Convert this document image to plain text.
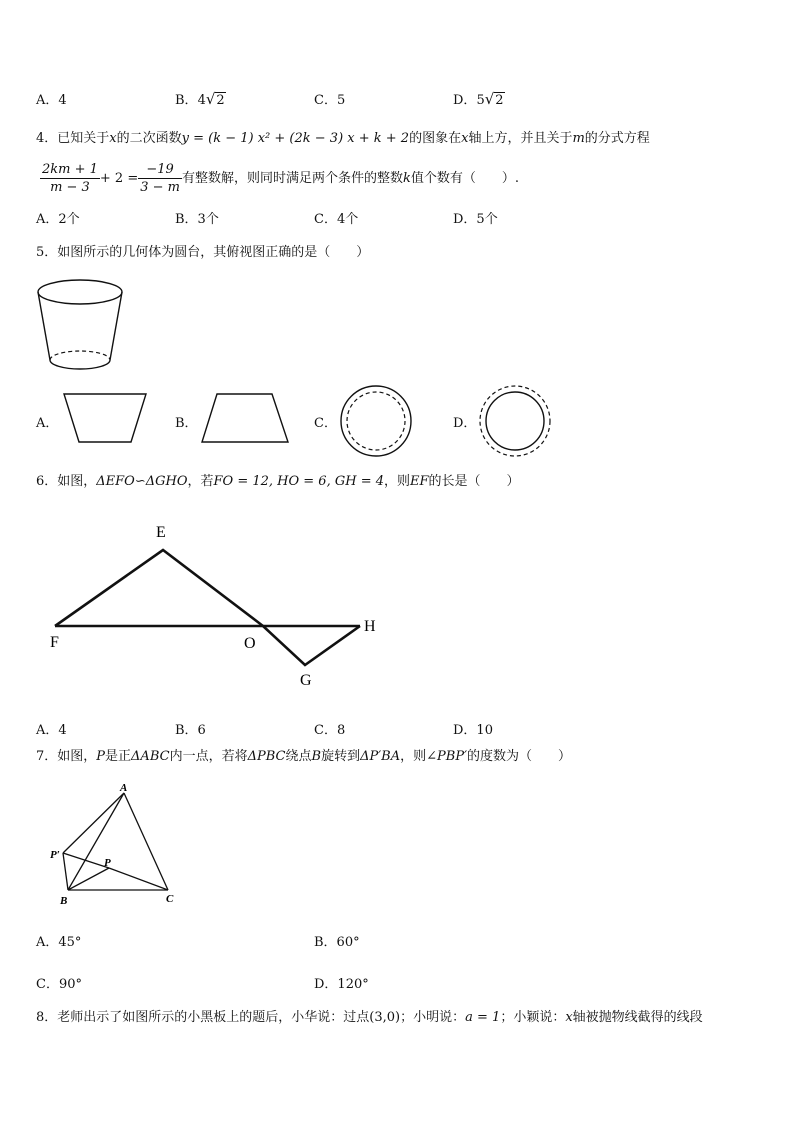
A．4	B．4√2	C．5	D．5√2
4．已知关于x的二次函数y = (k − 1) x² + (2k − 3) x + k + 2的图象在x轴上方，并且关于m的分式方程
$\frac{2km + 1}{m - 3} + 2 = \frac{-19}{3 - m}$ 有整数解，则同时满足两个条件的整数k值个数有（　　）.
A．2个	B．3个	C．4个	D．5个
5．如图所示的几何体为圆台，其俯视图正确的是（　　）
A．	B．	C．	D．
6．如图，ΔEFO∽ΔGHO，若FO = 12, HO = 6, GH = 4，则EF的长是（　　）
E
F	O
H
G
A．4	B．6	C．8	D．10
7．如图，P是正ΔABC内一点，若将ΔPBC绕点B旋转到ΔP′BA，则∠PBP′的度数为（　　）
A
P′
P
B	C
A．45°	B．60°
C．90°	D．120°
8．老师出示了如图所示的小黑板上的题后，小华说：过点(3,0)；小明说：a = 1；小颖说：x轴被抛物线截得的线段
